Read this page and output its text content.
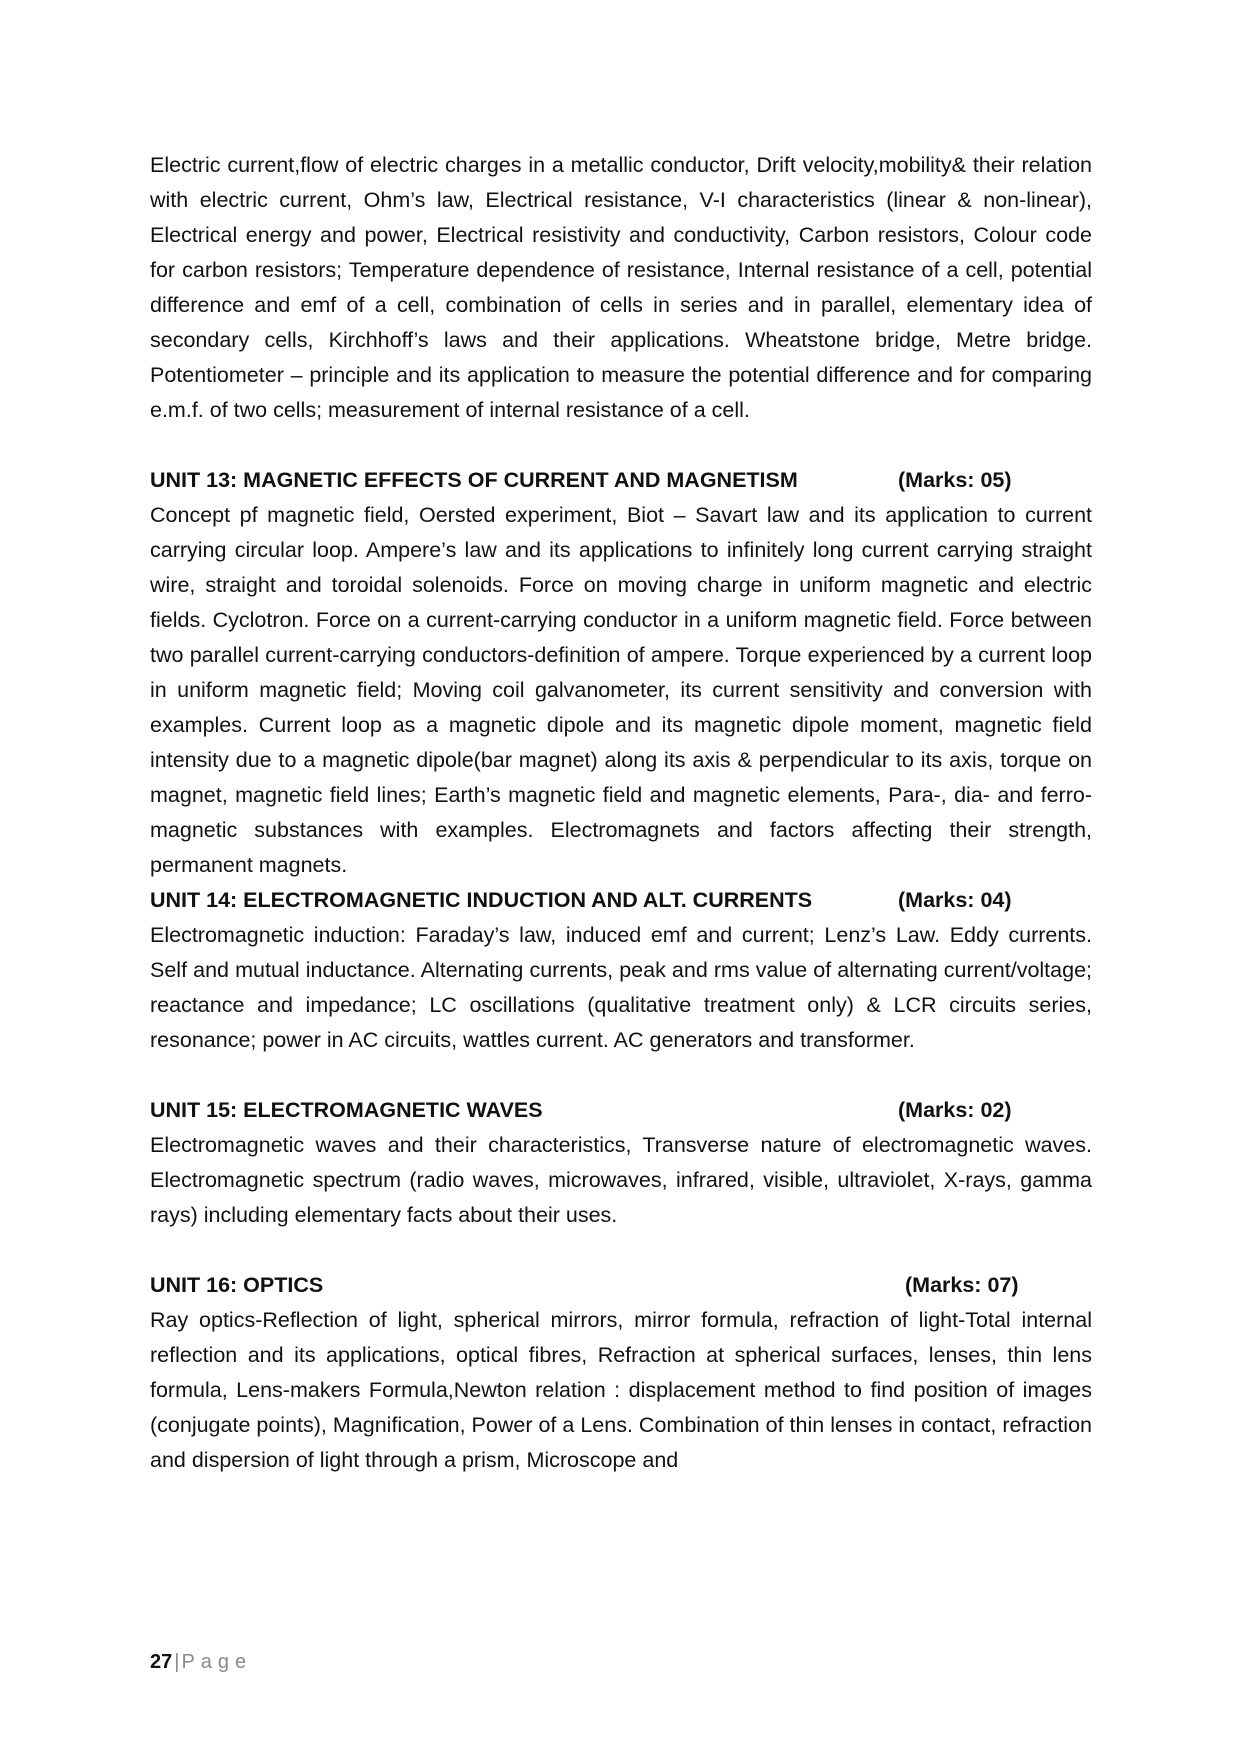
Electric current,flow of electric charges in a metallic conductor, Drift velocity,mobility& their relation with electric current, Ohm’s law, Electrical resistance, V-I characteristics (linear & non-linear), Electrical energy and power, Electrical resistivity and conductivity, Carbon resistors, Colour code for carbon resistors; Temperature dependence of resistance, Internal resistance of a cell, potential difference and emf of a cell, combination of cells in series and in parallel, elementary idea of secondary cells, Kirchhoff’s laws and their applications. Wheatstone bridge, Metre bridge. Potentiometer – principle and its application to measure the potential difference and for comparing e.m.f. of two cells; measurement of internal resistance of a cell.

UNIT 13: MAGNETIC EFFECTS OF CURRENT AND MAGNETISM	(Marks: 05)

Concept pf magnetic field, Oersted experiment, Biot – Savart law and its application to current carrying circular loop. Ampere’s law and its applications to infinitely long current carrying straight wire, straight and toroidal solenoids. Force on moving charge in uniform magnetic and electric fields. Cyclotron. Force on a current-carrying conductor in a uniform magnetic field. Force between two parallel current-carrying conductors-definition of ampere. Torque experienced by a current loop in uniform magnetic field; Moving coil galvanometer, its current sensitivity and conversion with examples. Current loop as a magnetic dipole and its magnetic dipole moment, magnetic field intensity due to a magnetic dipole(bar magnet) along its axis & perpendicular to its axis, torque on magnet, magnetic field lines; Earth’s magnetic field and magnetic elements, Para-, dia- and ferro-magnetic substances with examples. Electromagnets and factors affecting their strength, permanent magnets.

UNIT 14: ELECTROMAGNETIC INDUCTION AND ALT. CURRENTS	(Marks: 04)

Electromagnetic induction: Faraday’s law, induced emf and current; Lenz’s Law. Eddy currents. Self and mutual inductance. Alternating currents, peak and rms value of alternating current/voltage; reactance and impedance; LC oscillations (qualitative treatment only) & LCR circuits series, resonance; power in AC circuits, wattles current. AC generators and transformer.

UNIT 15: ELECTROMAGNETIC WAVES	(Marks: 02)

Electromagnetic waves and their characteristics, Transverse nature of electromagnetic waves. Electromagnetic spectrum (radio waves, microwaves, infrared, visible, ultraviolet, X-rays, gamma rays) including elementary facts about their uses.

UNIT 16: OPTICS	(Marks: 07)

Ray optics-Reflection of light, spherical mirrors, mirror formula, refraction of light-Total internal reflection and its applications, optical fibres, Refraction at spherical surfaces, lenses, thin lens formula, Lens-makers Formula,Newton relation : displacement method to find position of images (conjugate points), Magnification, Power of a Lens. Combination of thin lenses in contact, refraction and dispersion of light through a prism, Microscope and

27 | Page
